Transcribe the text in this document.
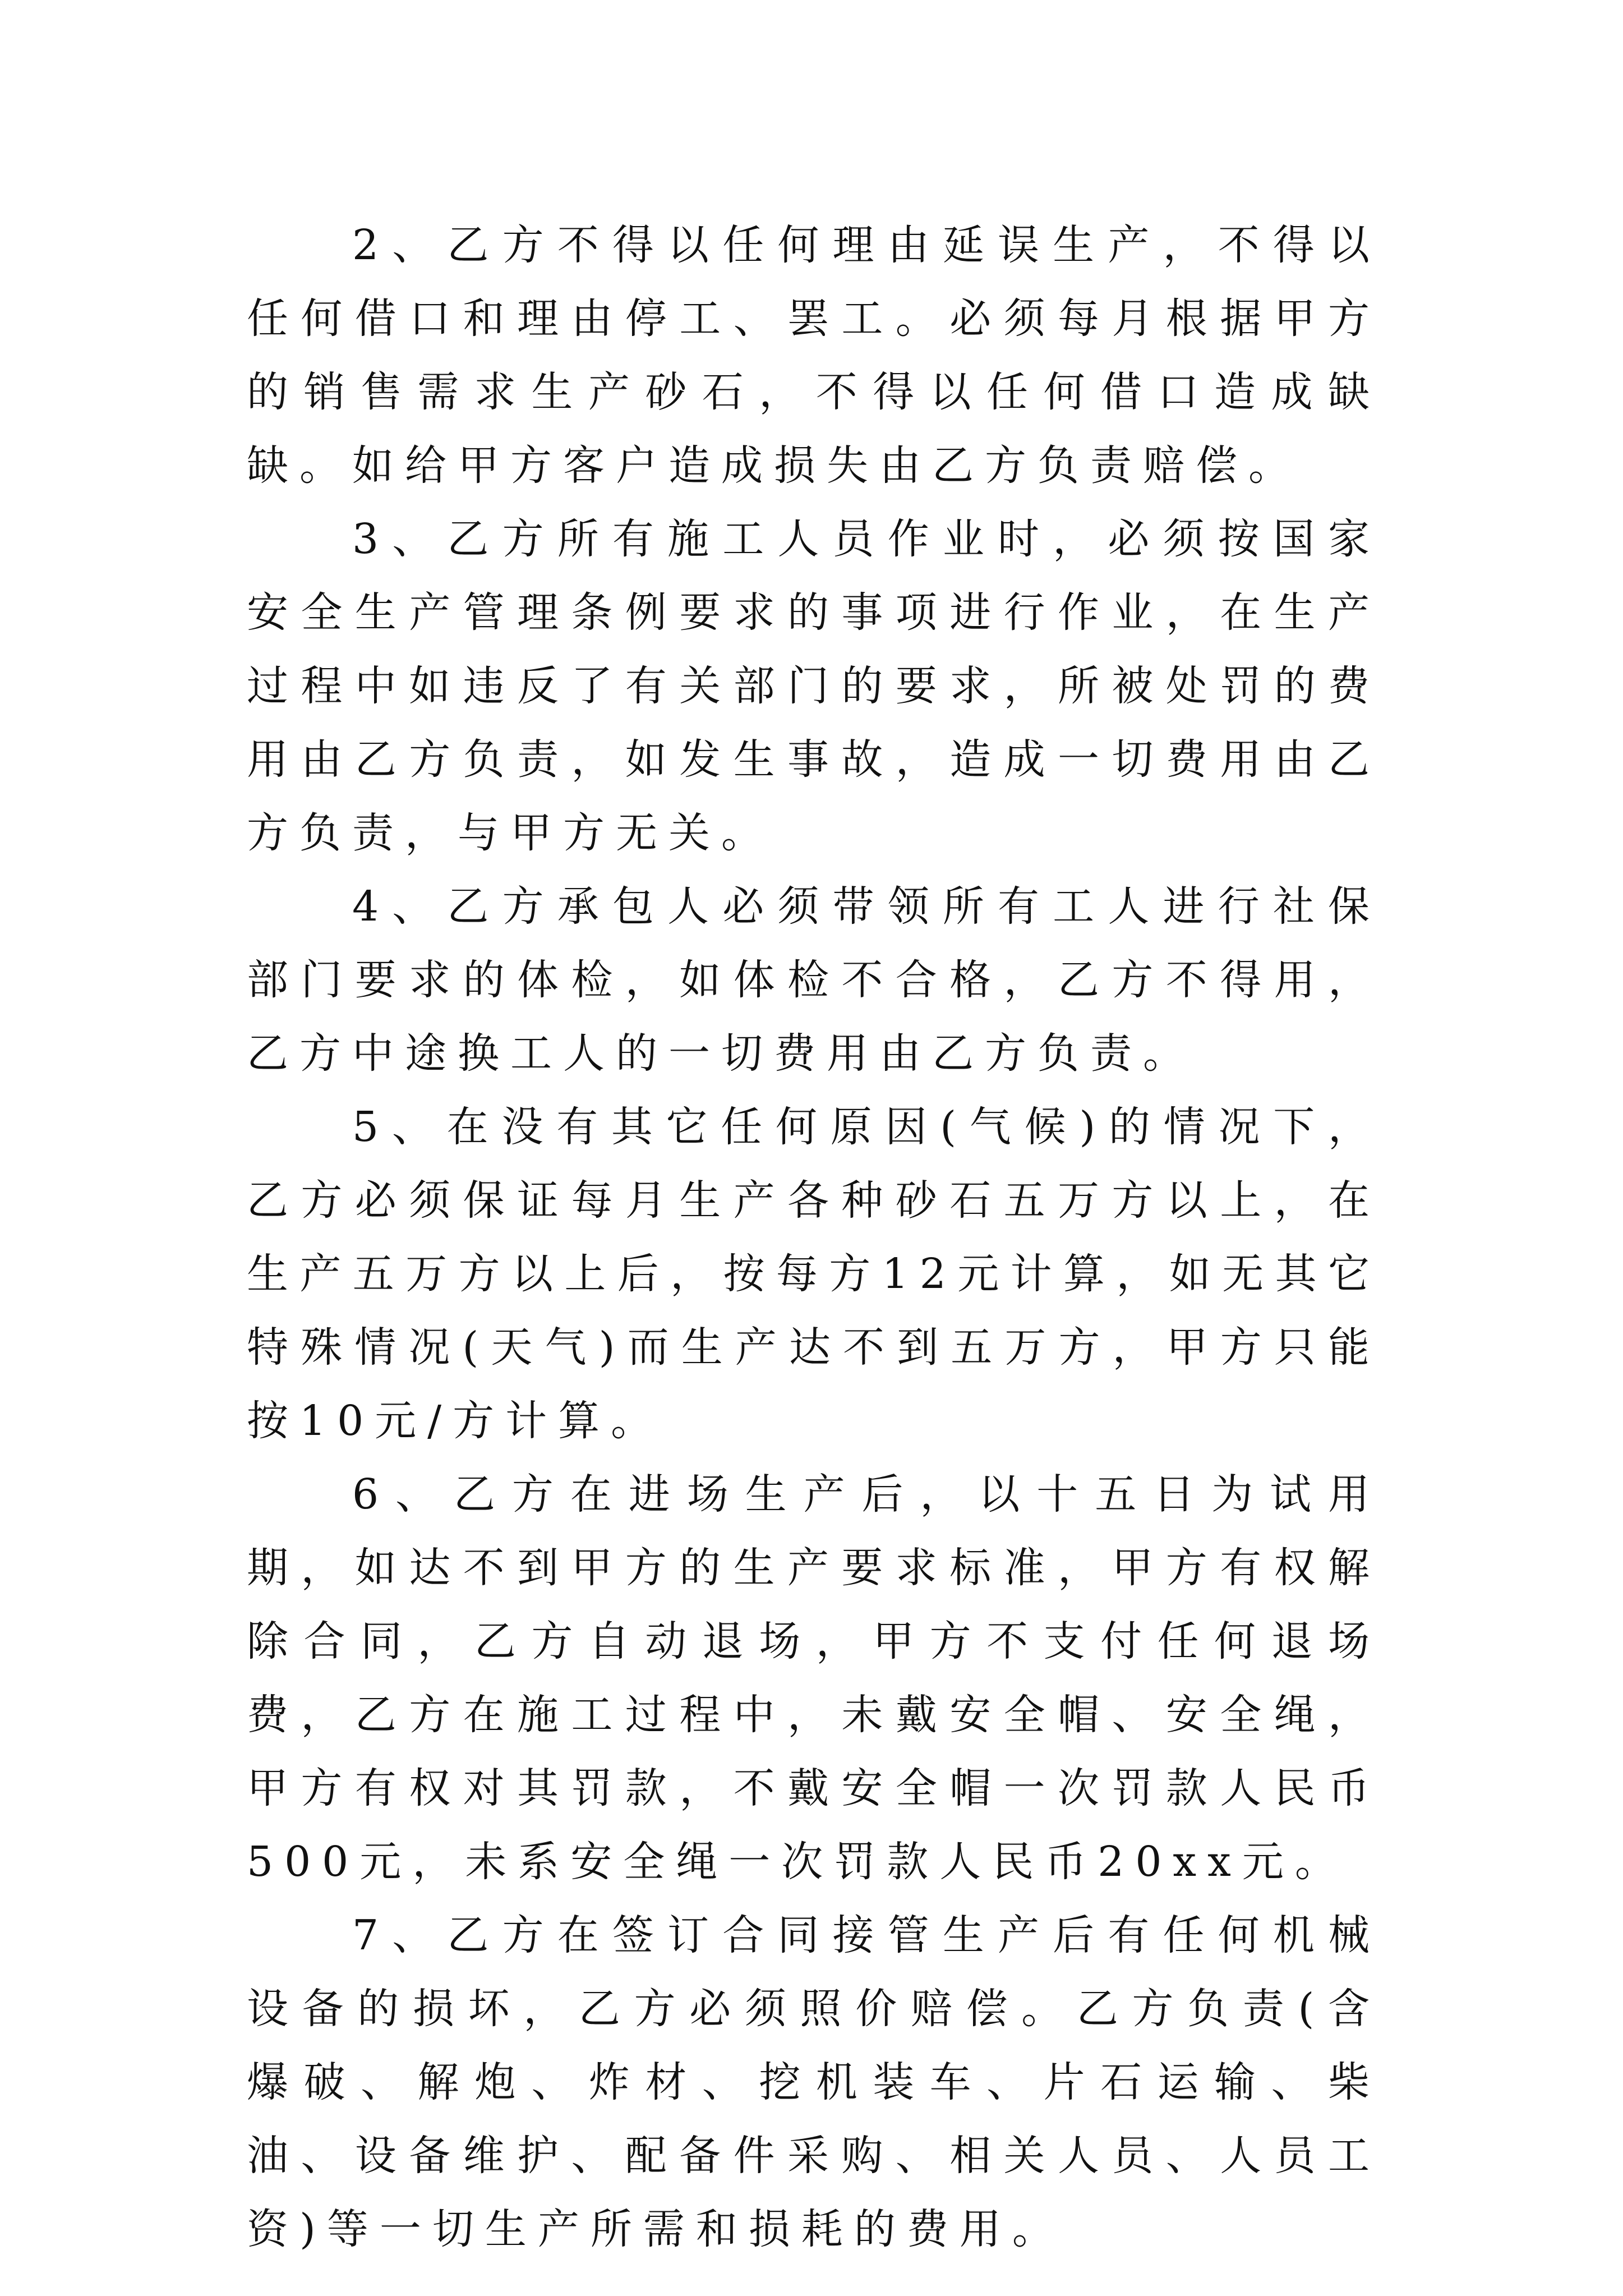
2、乙方不得以任何理由延误生产，不得以任何借口和理由停工、罢工。必须每月根据甲方的销售需求生产砂石，不得以任何借口造成缺缺。如给甲方客户造成损失由乙方负责赔偿。

3、乙方所有施工人员作业时，必须按国家安全生产管理条例要求的事项进行作业，在生产过程中如违反了有关部门的要求，所被处罚的费用由乙方负责，如发生事故，造成一切费用由乙方负责，与甲方无关。

4、乙方承包人必须带领所有工人进行社保部门要求的体检，如体检不合格，乙方不得用，乙方中途换工人的一切费用由乙方负责。

5、在没有其它任何原因(气候)的情况下，乙方必须保证每月生产各种砂石五万方以上，在生产五万方以上后，按每方12元计算，如无其它特殊情况(天气)而生产达不到五万方，甲方只能按10元/方计算。

6、乙方在进场生产后，以十五日为试用期，如达不到甲方的生产要求标准，甲方有权解除合同，乙方自动退场，甲方不支付任何退场费，乙方在施工过程中，未戴安全帽、安全绳，甲方有权对其罚款，不戴安全帽一次罚款人民币500元，未系安全绳一次罚款人民币20xx元。

7、乙方在签订合同接管生产后有任何机械设备的损坏，乙方必须照价赔偿。乙方负责(含爆破、解炮、炸材、挖机装车、片石运输、柴油、设备维护、配备件采购、相关人员、人员工资)等一切生产所需和损耗的费用。
